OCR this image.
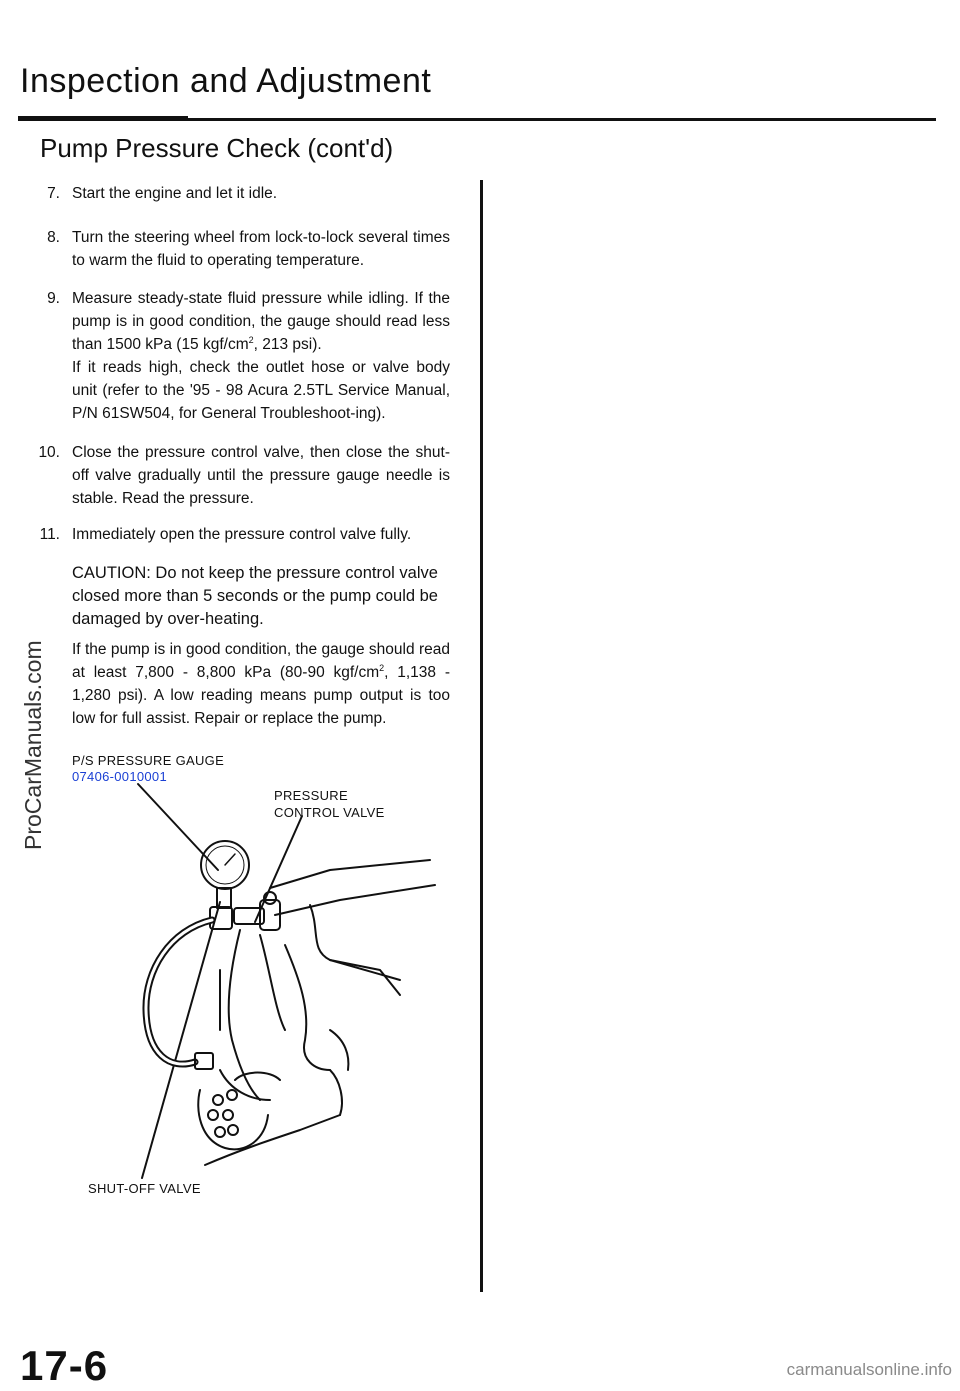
Inspection and Adjustment
Pump Pressure Check (cont'd)
7. Start the engine and let it idle.
8. Turn the steering wheel from lock-to-lock several times to warm the fluid to operating temperature.
9. Measure steady-state fluid pressure while idling. If the pump is in good condition, the gauge should read less than 1500 kPa (15 kgf/$cm^2$, 213 psi).
If it reads high, check the outlet hose or valve body unit (refer to the '95 - 98 Acura 2.5TL Service Manual, P/N 61SW504, for General Troubleshoot-ing).
10. Close the pressure control valve, then close the shut-off valve gradually until the pressure gauge needle is stable. Read the pressure.
11. Immediately open the pressure control valve fully.
CAUTION: Do not keep the pressure control valve closed more than 5 seconds or the pump could be damaged by over-heating.
If the pump is in good condition, the gauge should read at least 7,800 - 8,800 kPa (80-90 kgf/$cm^2$, 1,138 - 1,280 psi). A low reading means pump output is too low for full assist. Repair or replace the pump.
P/S PRESSURE GAUGE
07406-0010001
PRESSURE
CONTROL VALVE
SHUT-OFF VALVE
ProCarManuals.com
17-6	carmanualsonline.info
